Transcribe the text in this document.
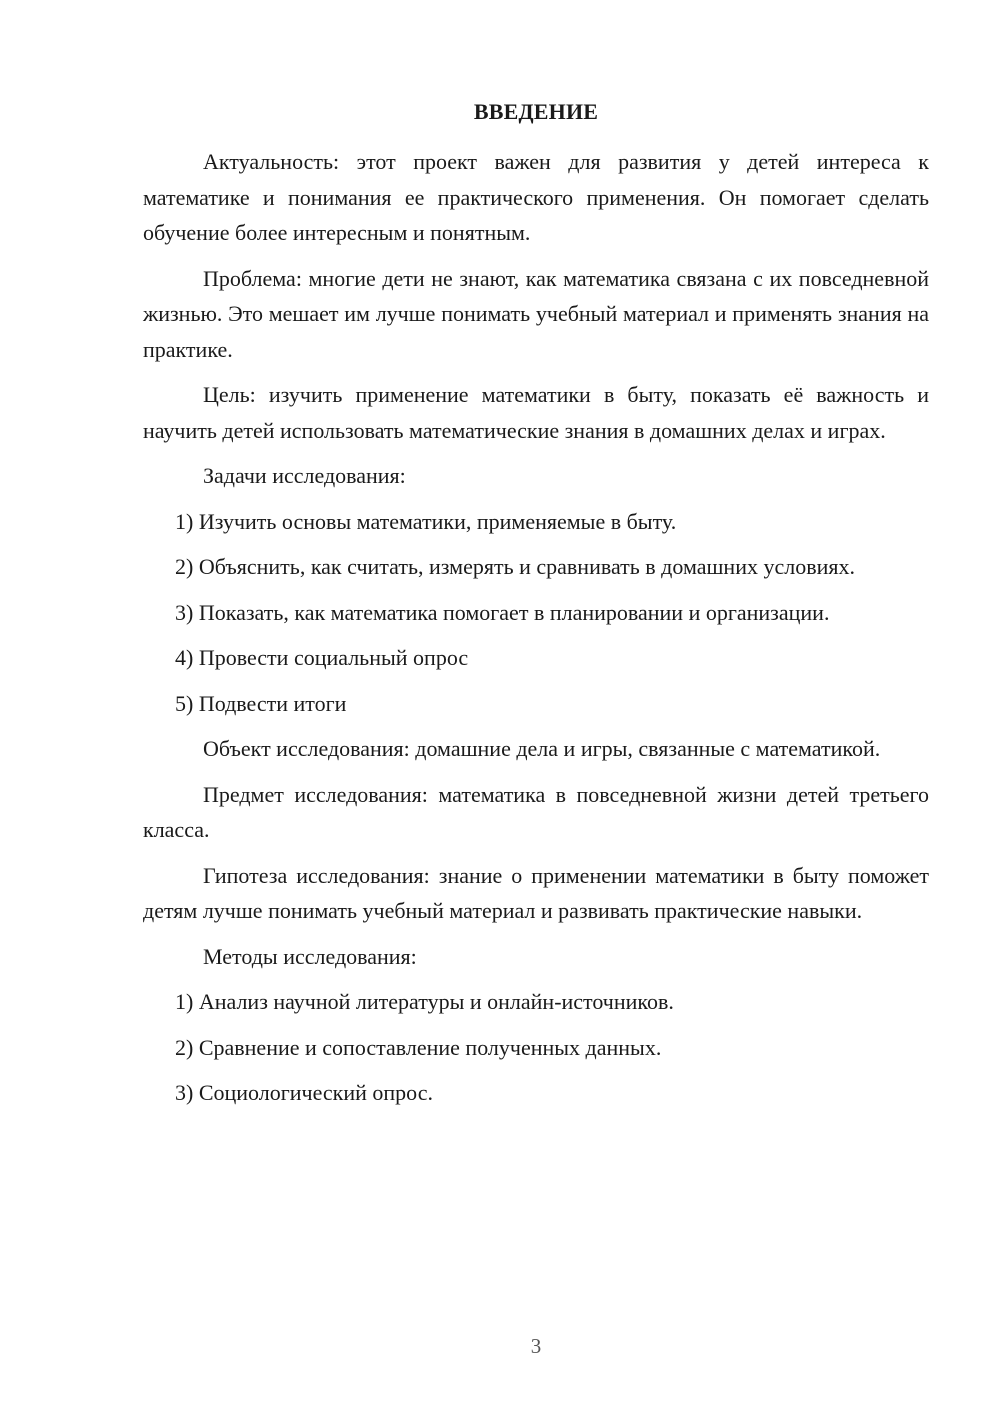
ВВЕДЕНИЕ

Актуальность: этот проект важен для развития у детей интереса к математике и понимания ее практического применения. Он помогает сделать обучение более интересным и понятным.

Проблема: многие дети не знают, как математика связана с их повседневной жизнью. Это мешает им лучше понимать учебный материал и применять знания на практике.

Цель: изучить применение математики в быту, показать её важность и научить детей использовать математические знания в домашних делах и играх.

Задачи исследования:

1) Изучить основы математики, применяемые в быту.

2) Объяснить, как считать, измерять и сравнивать в домашних условиях.

3) Показать, как математика помогает в планировании и организации.

4) Провести социальный опрос

5) Подвести итоги

Объект исследования: домашние дела и игры, связанные с математикой.

Предмет исследования: математика в повседневной жизни детей третьего класса.

Гипотеза исследования: знание о применении математики в быту поможет детям лучше понимать учебный материал и развивать практические навыки.

Методы исследования:

1) Анализ научной литературы и онлайн-источников.

2) Сравнение и сопоставление полученных данных.

3) Социологический опрос.

3
